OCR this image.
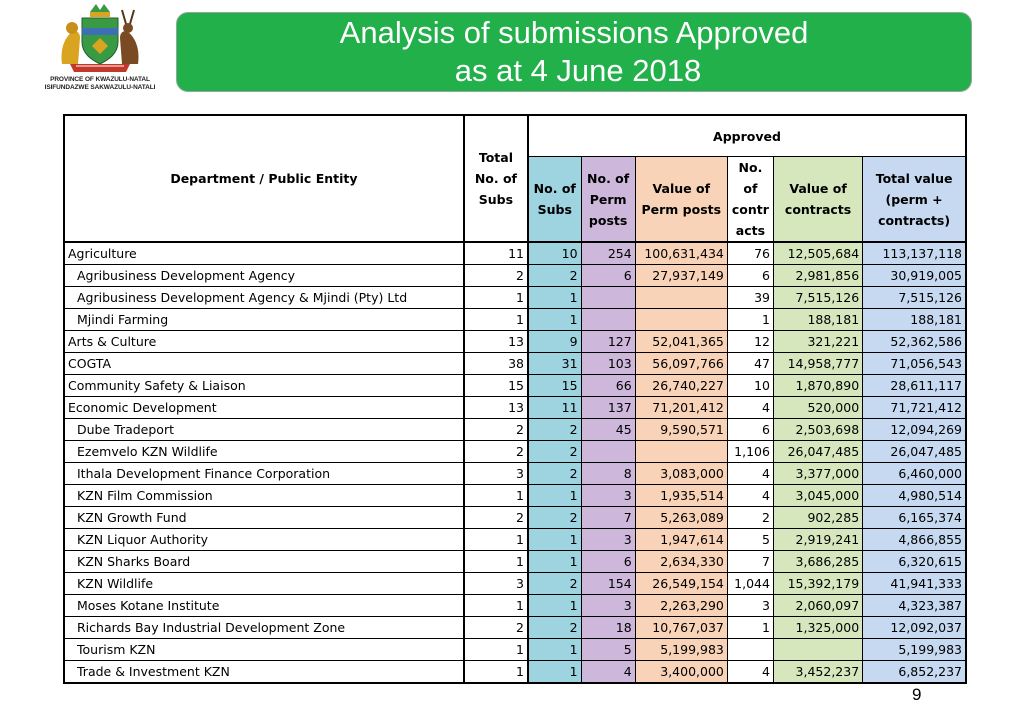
PROVINCE OF KWAZULU-NATAL
ISIFUNDAZWE SAKWAZULU-NATALI
Analysis of submissions Approved
as at 4 June 2018
Department / Public Entity	Total No. of Subs	Approved					
		No. of Subs	No. of Perm posts	Value of Perm posts	No. of contr acts	Value of contracts	Total value (perm + contracts)
Agriculture	11	10	254	100,631,434	76	12,505,684	113,137,118
Agribusiness Development Agency	2	2	6	27,937,149	6	2,981,856	30,919,005
Agribusiness Development Agency & Mjindi (Pty) Ltd	1	1			39	7,515,126	7,515,126
Mjindi Farming	1	1			1	188,181	188,181
Arts & Culture	13	9	127	52,041,365	12	321,221	52,362,586
COGTA	38	31	103	56,097,766	47	14,958,777	71,056,543
Community Safety & Liaison	15	15	66	26,740,227	10	1,870,890	28,611,117
Economic Development	13	11	137	71,201,412	4	520,000	71,721,412
Dube Tradeport	2	2	45	9,590,571	6	2,503,698	12,094,269
Ezemvelo KZN Wildlife	2	2			1,106	26,047,485	26,047,485
Ithala Development Finance Corporation	3	2	8	3,083,000	4	3,377,000	6,460,000
KZN Film Commission	1	1	3	1,935,514	4	3,045,000	4,980,514
KZN Growth Fund	2	2	7	5,263,089	2	902,285	6,165,374
KZN Liquor Authority	1	1	3	1,947,614	5	2,919,241	4,866,855
KZN Sharks Board	1	1	6	2,634,330	7	3,686,285	6,320,615
KZN Wildlife	3	2	154	26,549,154	1,044	15,392,179	41,941,333
Moses Kotane Institute	1	1	3	2,263,290	3	2,060,097	4,323,387
Richards Bay Industrial Development Zone	2	2	18	10,767,037	1	1,325,000	12,092,037
Tourism KZN	1	1	5	5,199,983			5,199,983
Trade & Investment KZN	1	1	4	3,400,000	4	3,452,237	6,852,237
9
